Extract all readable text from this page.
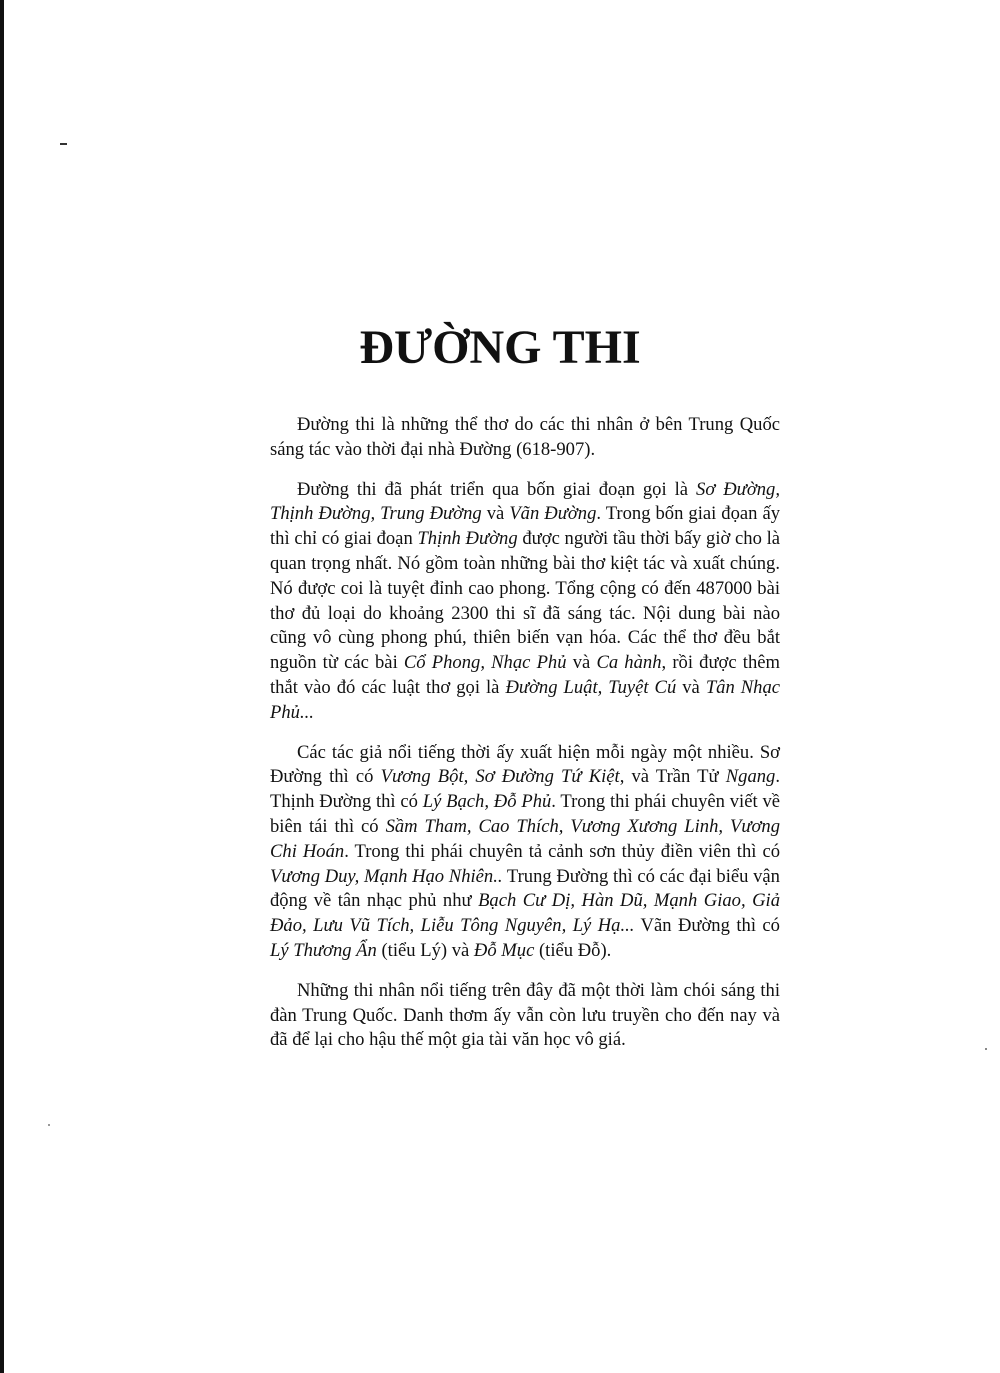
ĐƯỜNG THI

Đường thi là những thể thơ do các thi nhân ở bên Trung Quốc sáng tác vào thời đại nhà Đường (618-907).

Đường thi đã phát triển qua bốn giai đoạn gọi là Sơ Đường, Thịnh Đường, Trung Đường và Vãn Đường. Trong bốn giai đọan ấy thì chỉ có giai đoạn Thịnh Đường được người tầu thời bấy giờ cho là quan trọng nhất. Nó gồm toàn những bài thơ kiệt tác và xuất chúng. Nó được coi là tuyệt đỉnh cao phong. Tổng cộng có đến 487000 bài thơ đủ loại do khoảng 2300 thi sĩ đã sáng tác. Nội dung bài nào cũng vô cùng phong phú, thiên biến vạn hóa. Các thể thơ đều bắt nguồn từ các bài Cổ Phong, Nhạc Phủ và Ca hành, rồi được thêm thắt vào đó các luật thơ gọi là Đường Luật, Tuyệt Cú và Tân Nhạc Phủ...

Các tác giả nổi tiếng thời ấy xuất hiện mỗi ngày một nhiều. Sơ Đường thì có Vương Bột, Sơ Đường Tứ Kiệt, và Trần Tử Ngang. Thịnh Đường thì có Lý Bạch, Đỗ Phủ. Trong thi phái chuyên viết về biên tái thì có Sầm Tham, Cao Thích, Vương Xương Linh, Vương Chi Hoán. Trong thi phái chuyên tả cảnh sơn thủy điền viên thì có Vương Duy, Mạnh Hạo Nhiên.. Trung Đường thì có các đại biểu vận động về tân nhạc phủ như Bạch Cư Dị, Hàn Dũ, Mạnh Giao, Giả Đảo, Lưu Vũ Tích, Liễu Tông Nguyên, Lý Hạ... Vãn Đường thì có Lý Thương Ẩn (tiểu Lý) và Đỗ Mục (tiểu Đỗ).

Những thi nhân nổi tiếng trên đây đã một thời làm chói sáng thi đàn Trung Quốc. Danh thơm ấy vẫn còn lưu truyền cho đến nay và đã để lại cho hậu thế một gia tài văn học vô giá.
